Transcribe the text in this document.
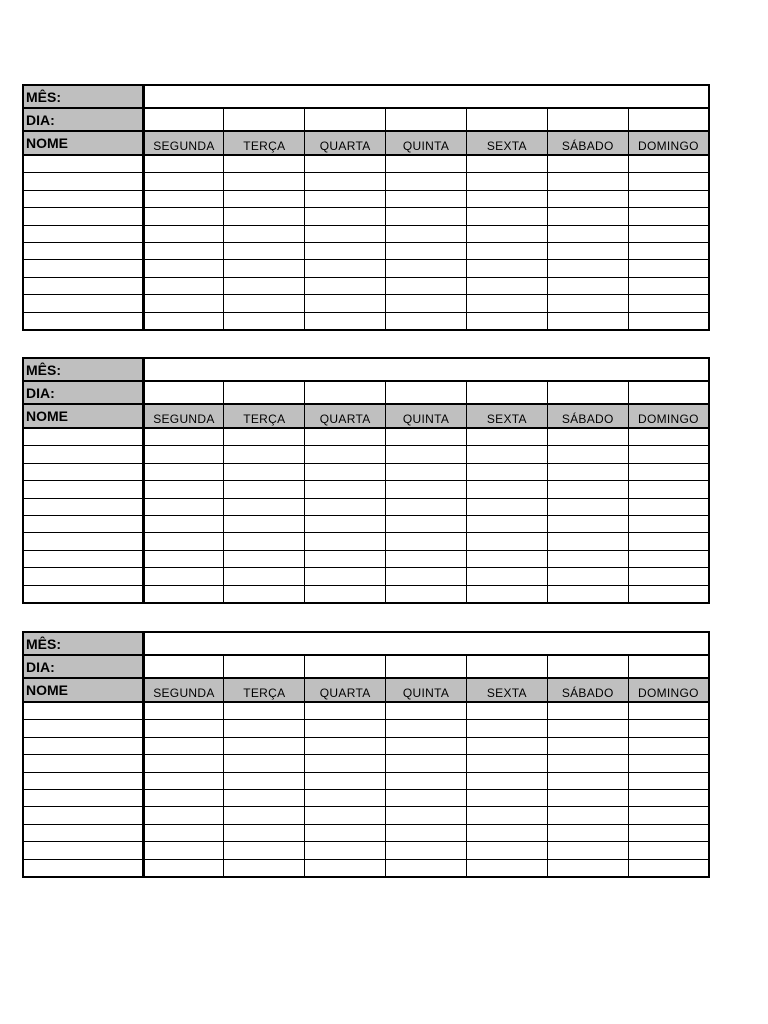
MÊS:							
DIA:							
NOME	SEGUNDA	TERÇA	QUARTA	QUINTA	SEXTA	SÁBADO	DOMINGO

MÊS:							
DIA:							
NOME	SEGUNDA	TERÇA	QUARTA	QUINTA	SEXTA	SÁBADO	DOMINGO

MÊS:							
DIA:							
NOME	SEGUNDA	TERÇA	QUARTA	QUINTA	SEXTA	SÁBADO	DOMINGO
